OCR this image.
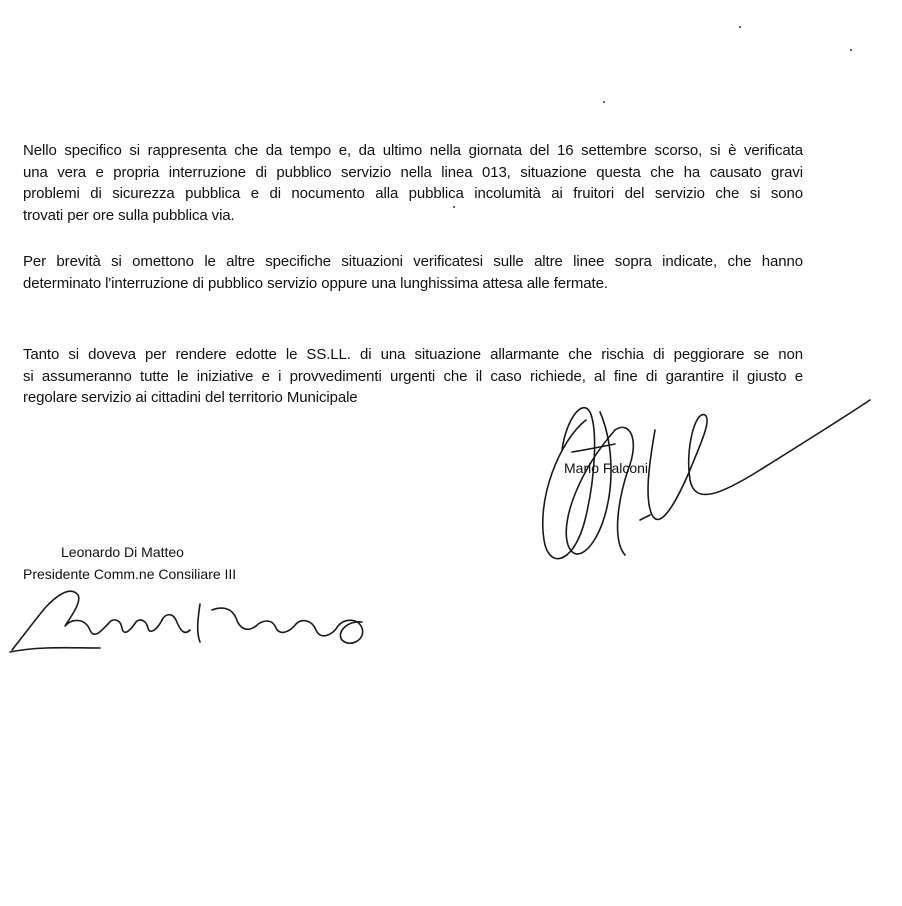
Nello specifico si rappresenta che da tempo e, da ultimo nella giornata del 16 settembre scorso, si è verificata
una vera e propria interruzione di pubblico servizio nella linea 013, situazione questa che ha causato gravi
problemi di sicurezza pubblica e di nocumento alla pubblica incolumità ai fruitori del servizio che si sono
trovati per ore sulla pubblica via.
Per brevità si omettono le altre specifiche situazioni verificatesi sulle altre linee sopra indicate, che hanno
determinato l'interruzione di pubblico servizio oppure una lunghissima attesa alle fermate.
Tanto si doveva per rendere edotte le SS.LL. di una situazione allarmante che rischia di peggiorare se non
si assumeranno tutte le iniziative e i provvedimenti urgenti che il caso richiede, al fine di garantire il giusto e
regolare servizio ai cittadini del territorio Municipale
Mario Falconi
Leonardo Di Matteo
Presidente Comm.ne Consiliare III
